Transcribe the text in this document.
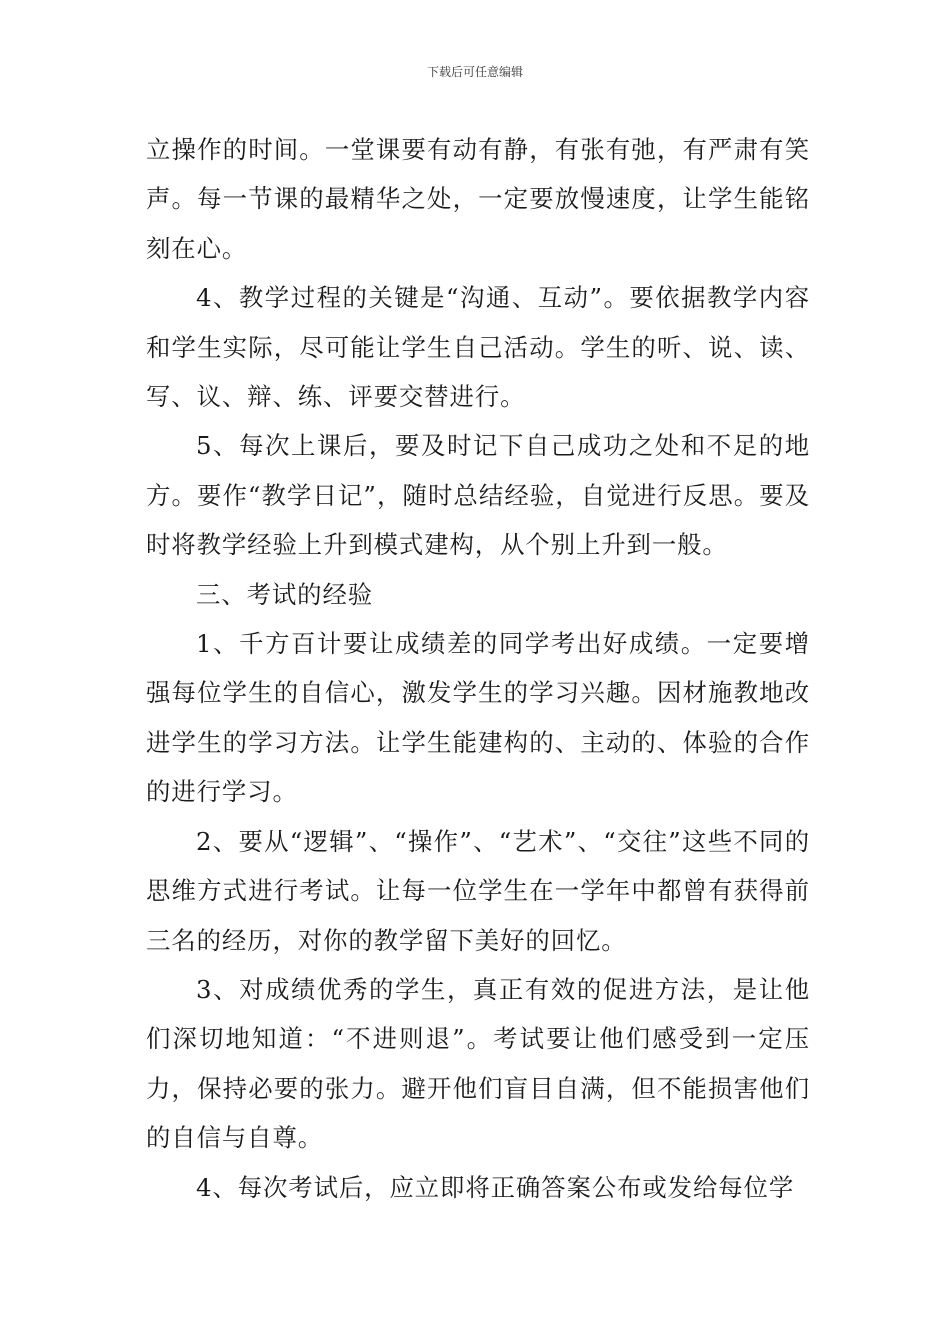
下载后可任意编辑

立操作的时间。一堂课要有动有静，有张有弛，有严肃有笑声。每一节课的最精华之处，一定要放慢速度，让学生能铭刻在心。

4、教学过程的关键是“沟通、互动”。要依据教学内容和学生实际，尽可能让学生自己活动。学生的听、说、读、写、议、辩、练、评要交替进行。

5、每次上课后，要及时记下自己成功之处和不足的地方。要作“教学日记”，随时总结经验，自觉进行反思。要及时将教学经验上升到模式建构，从个别上升到一般。

三、考试的经验

1、千方百计要让成绩差的同学考出好成绩。一定要增强每位学生的自信心，激发学生的学习兴趣。因材施教地改进学生的学习方法。让学生能建构的、主动的、体验的合作的进行学习。

2、要从“逻辑”、“操作”、“艺术”、“交往”这些不同的思维方式进行考试。让每一位学生在一学年中都曾有获得前三名的经历，对你的教学留下美好的回忆。

3、对成绩优秀的学生，真正有效的促进方法，是让他们深切地知道：“不进则退”。考试要让他们感受到一定压力，保持必要的张力。避开他们盲目自满，但不能损害他们的自信与自尊。

4、每次考试后，应立即将正确答案公布或发给每位学
